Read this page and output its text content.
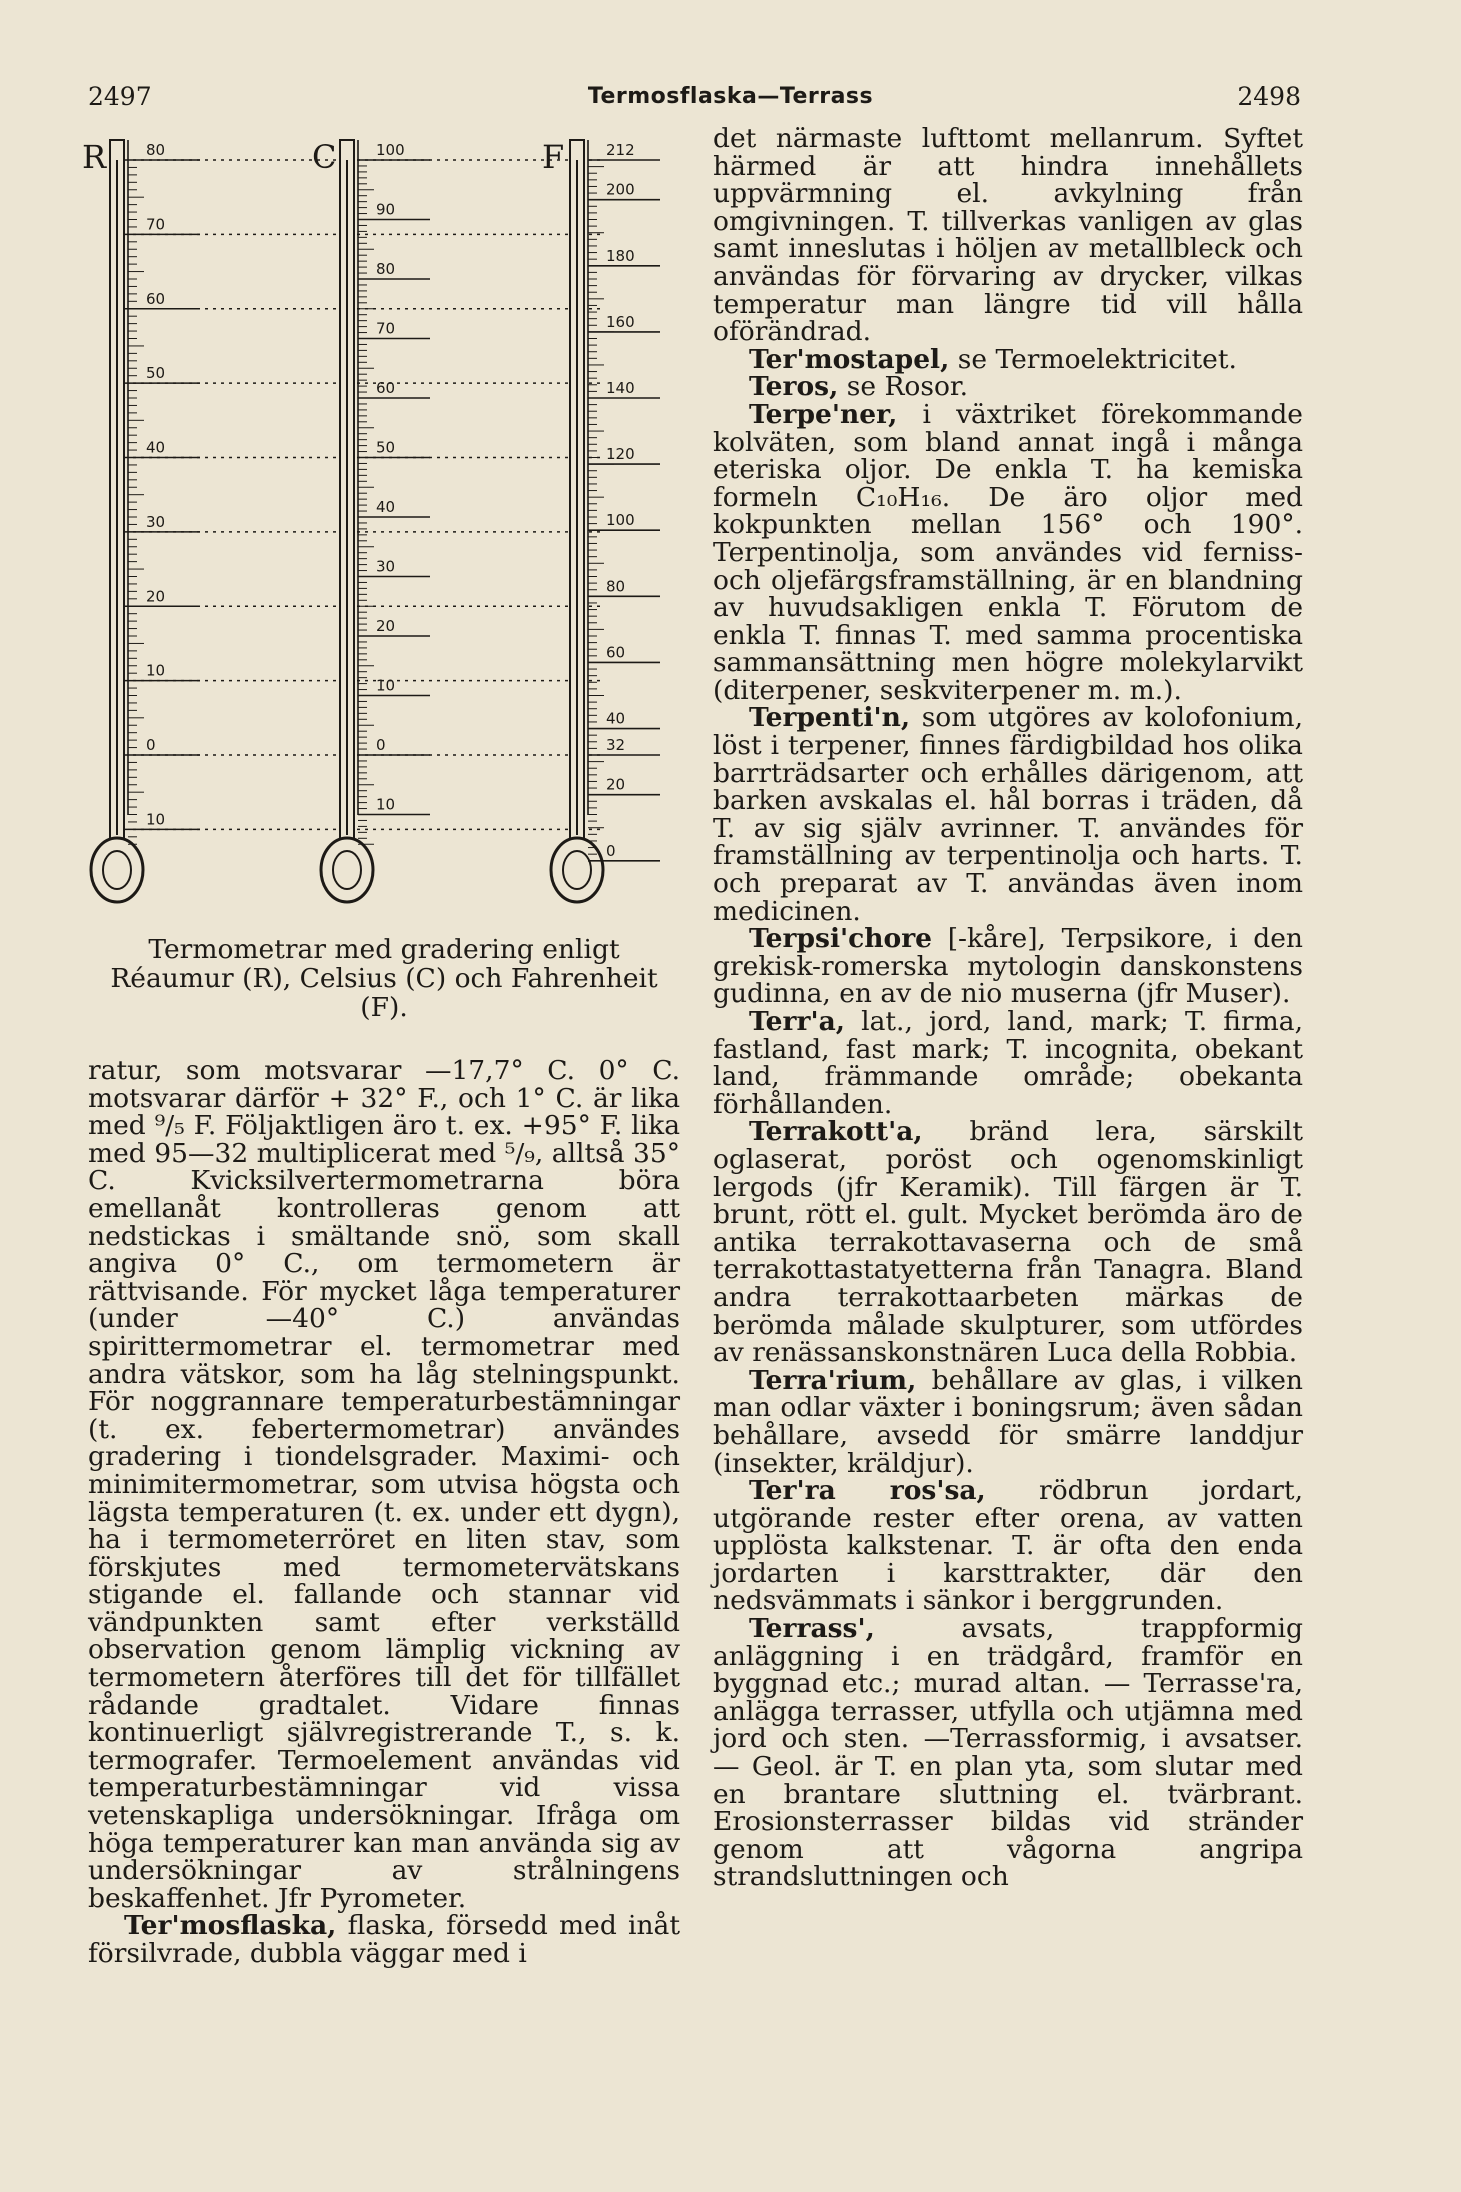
2497	Termosflaska—Terrass	2498
80
70
60
50
40
30
20
10
0
10
R	100
90
80
70
60
50
40
30
20
10
0
10
C	212
200
180
160
140
120
100
80
60
40
32
20
0
F
Termometrar med gradering enligt Réaumur (R), Celsius (C) och Fahrenheit (F).

ratur, som motsvarar —17,7° C. 0° C. motsvarar därför + 32° F., och 1° C. är lika med ⁹/₅ F. Följaktligen äro t. ex. +95° F. lika med 95—32 multiplicerat med ⁵/₉, alltså 35° C. Kvicksilvertermometrarna böra emellanåt kontrolleras genom att nedstickas i smältande snö, som skall angiva 0° C., om termometern är rättvisande. För mycket låga temperaturer (under —40° C.) användas spirittermometrar el. termometrar med andra vätskor, som ha låg stelningspunkt. För noggrannare temperaturbestämningar (t. ex. febertermometrar) användes gradering i tiondelsgrader. Maximi- och minimitermometrar, som utvisa högsta och lägsta temperaturen (t. ex. under ett dygn), ha i termometerröret en liten stav, som förskjutes med termometervätskans stigande el. fallande och stannar vid vändpunkten samt efter verkställd observation genom lämplig vickning av termometern återföres till det för tillfället rådande gradtalet. Vidare finnas kontinuerligt självregistrerande T., s. k. termografer. Termoelement användas vid temperaturbestämningar vid vissa vetenskapliga undersökningar. Ifråga om höga temperaturer kan man använda sig av undersökningar av strålningens beskaffenhet. Jfr Pyrometer.

Ter'mosflaska, flaska, försedd med inåt försilvrade, dubbla väggar med i

det närmaste lufttomt mellanrum. Syftet härmed är att hindra innehållets uppvärmning el. avkylning från omgivningen. T. tillverkas vanligen av glas samt inneslutas i höljen av metallbleck och användas för förvaring av drycker, vilkas temperatur man längre tid vill hålla oförändrad.

Ter'mostapel, se Termoelektricitet.

Teros, se Rosor.

Terpe'ner, i växtriket förekommande kolväten, som bland annat ingå i många eteriska oljor. De enkla T. ha kemiska formeln C₁₀H₁₆. De äro oljor med kokpunkten mellan 156° och 190°. Terpentinolja, som användes vid ferniss- och oljefärgsframställning, är en blandning av huvudsakligen enkla T. Förutom de enkla T. finnas T. med samma procentiska sammansättning men högre molekylarvikt (diterpener, seskviterpener m. m.).

Terpenti'n, som utgöres av kolofonium, löst i terpener, finnes färdigbildad hos olika barrträdsarter och erhålles därigenom, att barken avskalas el. hål borras i träden, då T. av sig själv avrinner. T. användes för framställning av terpentinolja och harts. T. och preparat av T. användas även inom medicinen.

Terpsi'chore [-kåre], Terpsikore, i den grekisk-romerska mytologin danskonstens gudinna, en av de nio muserna (jfr Muser).

Terr'a, lat., jord, land, mark; T. firma, fastland, fast mark; T. incognita, obekant land, främmande område; obekanta förhållanden.

Terrakott'a, bränd lera, särskilt oglaserat, poröst och ogenomskinligt lergods (jfr Keramik). Till färgen är T. brunt, rött el. gult. Mycket berömda äro de antika terrakottavaserna och de små terrakottastatyetterna från Tanagra. Bland andra terrakottaarbeten märkas de berömda målade skulpturer, som utfördes av renässanskonstnären Luca della Robbia.

Terra'rium, behållare av glas, i vilken man odlar växter i boningsrum; även sådan behållare, avsedd för smärre landdjur (insekter, kräldjur).

Ter'ra ros'sa, rödbrun jordart, utgörande rester efter orena, av vatten upplösta kalkstenar. T. är ofta den enda jordarten i karsttrakter, där den nedsvämmats i sänkor i berggrunden.

Terrass', avsats, trappformig anläggning i en trädgård, framför en byggnad etc.; murad altan. — Terrasse'ra, anlägga terrasser, utfylla och utjämna med jord och sten. —Terrassformig, i avsatser. — Geol. är T. en plan yta, som slutar med en brantare sluttning el. tvärbrant. Erosionsterrasser bildas vid stränder genom att vågorna angripa strandsluttningen och
